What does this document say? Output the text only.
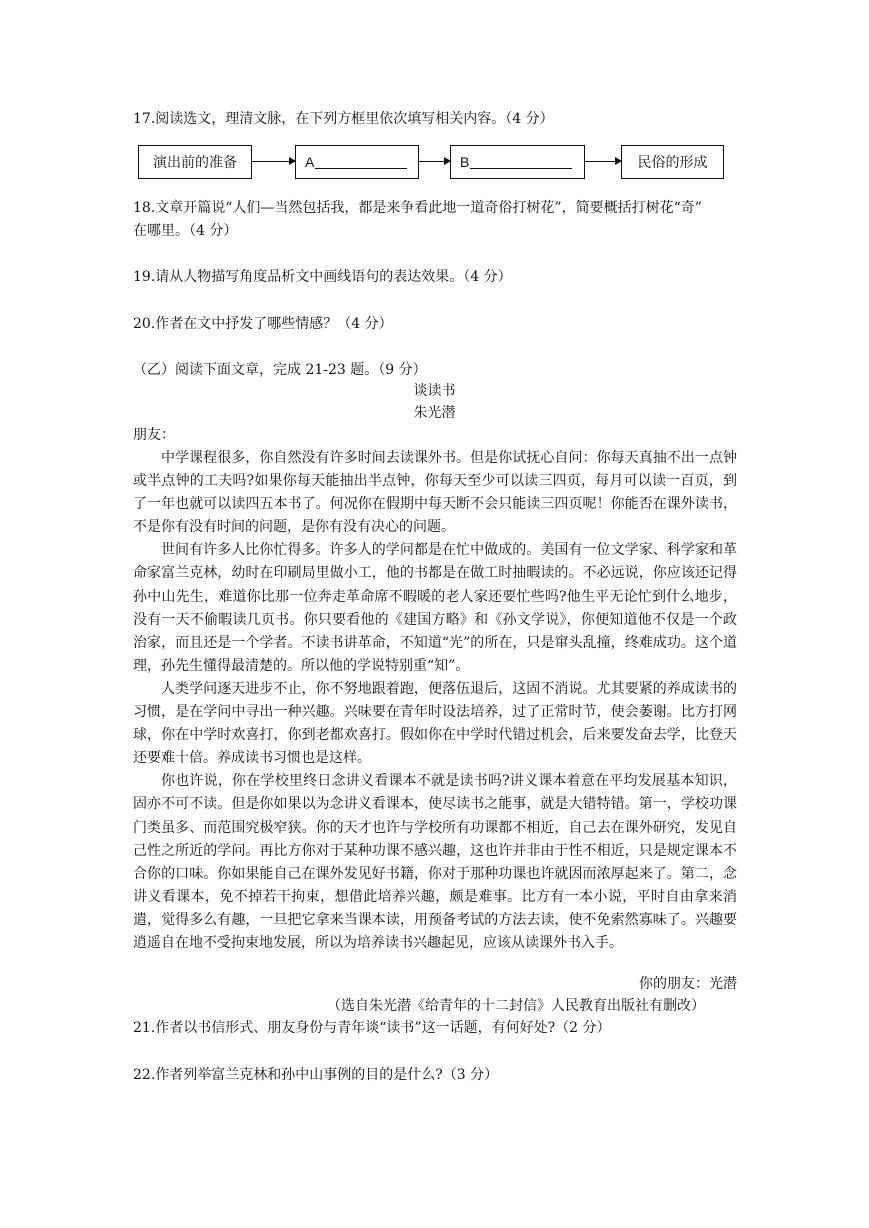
17.阅读选文，理清文脉，在下列方框里依次填写相关内容。（4 分）
演出前的准备	A	B	民俗的形成
18.文章开篇说“人们—当然包括我，都是来争看此地一道奇俗打树花”，简要概括打树花“奇”
在哪里。（4 分）
19.请从人物描写角度品析文中画线语句的表达效果。（4 分）
20.作者在文中抒发了哪些情感？（4 分）
（乙）阅读下面文章，完成 21-23 题。（9 分）
谈读书
朱光潜
朋友：

中学课程很多，你自然没有许多时间去读课外书。但是你试抚心自问：你每天真抽不出一点钟或半点钟的工夫吗?如果你每天能抽出半点钟，你每天至少可以读三四页，每月可以读一百页，到了一年也就可以读四五本书了。何况你在假期中每天断不会只能读三四页呢！你能否在课外读书，不是你有没有时间的问题，是你有没有决心的问题。

世间有许多人比你忙得多。许多人的学问都是在忙中做成的。美国有一位文学家、科学家和革命家富兰克林，幼时在印刷局里做小工，他的书都是在做工时抽暇读的。不必远说，你应该还记得孙中山先生，难道你比那一位奔走革命席不暇暖的老人家还要忙些吗?他生平无论忙到什么地步，没有一天不偷暇读几页书。你只要看他的《建国方略》和《孙文学说》，你便知道他不仅是一个政治家，而且还是一个学者。不读书讲革命，不知道“光”的所在，只是窜头乱撞，终难成功。这个道理，孙先生懂得最清楚的。所以他的学说特别重“知”。

人类学问逐天进步不止，你不努地跟着跑，便落伍退后，这固不消说。尤其要紧的养成读书的习惯，是在学问中寻出一种兴趣。兴味要在青年时设法培养，过了正常时节，使会萎谢。比方打网球，你在中学时欢喜打，你到老都欢喜打。假如你在中学时代错过机会，后来要发奋去学，比登天还要难十倍。养成读书习惯也是这样。

你也许说，你在学校里终日念讲义看课本不就是读书吗?讲义课本着意在平均发展基本知识，固亦不可不读。但是你如果以为念讲义看课本，使尽读书之能事，就是大错特错。第一，学校功课门类虽多、而范围究极窄狭。你的天才也许与学校所有功课都不相近，自己去在课外研究，发见自己性之所近的学问。再比方你对于某种功课不感兴趣，这也许并非由于性不相近，只是规定课本不合你的口味。你如果能自己在课外发见好书籍，你对于那种功课也许就因而浓厚起来了。第二，念讲义看课本，免不掉若干拘束，想借此培养兴趣，颇是难事。比方有一本小说，平时自由拿来消遣，觉得多么有趣，一旦把它拿来当课本读，用预备考试的方法去读，使不免索然寡味了。兴趣要逍遥自在地不受拘束地发展，所以为培养读书兴趣起见，应该从读课外书入手。

你的朋友：光潜
（选自朱光潜《给青年的十二封信》人民教育出版社有删改）
21.作者以书信形式、朋友身份与青年谈“读书”这一话题，有何好处?（2 分）
22.作者列举富兰克林和孙中山事例的目的是什么?（3 分）
